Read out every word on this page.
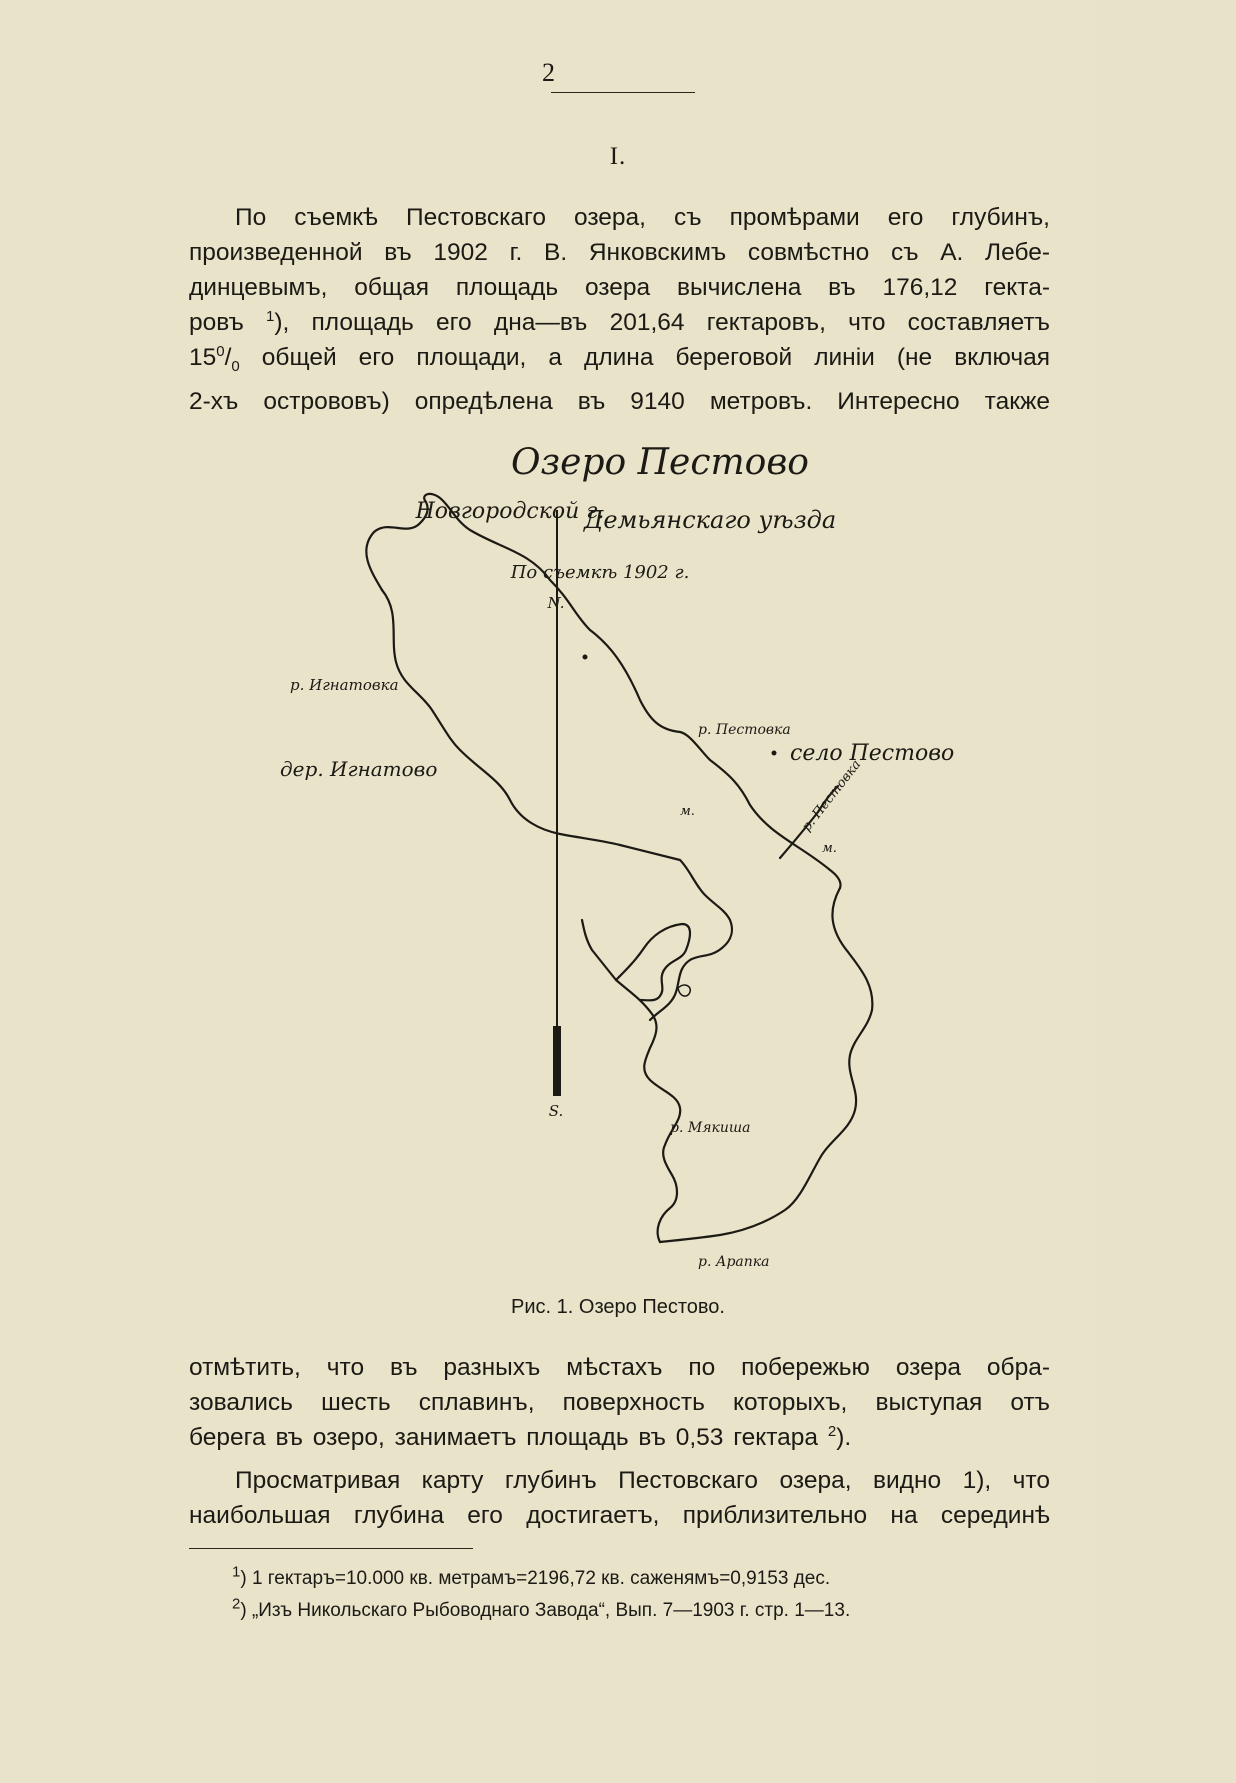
2
I.
По съемкѣ Пестовскаго озера, съ промѣрами его глубинъ,
произведенной въ 1902 г. В. Янковскимъ совмѣстно съ А. Лебе-
динцевымъ, общая площадь озера вычислена въ 176,12 гекта-
ровъ $^1$), площадь его дна—въ 201,64 гектаровъ, что составляетъ
$15^0/_0$ общей его площади, а длина береговой линіи (не включая
2-хъ острововъ) опредѣлена въ 9140 метровъ. Интересно также
Озеро Пестово
Новгородской г.
Демьянскаго уѣзда
По съемкѣ 1902 г.
N.
S.
р. Игнатовка
дер. Игнатово
р. Пестовка
село Пестово
р. Пестовка
р. Мякиша
р. Арапка
м.
м.
Рис. 1. Озеро Пестово.
отмѣтить, что въ разныхъ мѣстахъ по побережью озера обра-
зовались шесть сплавинъ, поверхность которыхъ, выступая отъ
берега въ озеро, занимаетъ площадь въ 0,53 гектара $^2$).
Просматривая карту глубинъ Пестовскаго озера, видно 1), что
наибольшая глубина его достигаетъ, приблизительно на серединѣ
$^1$) 1 гектаръ=10.000 кв. метрамъ=2196,72 кв. саженямъ=0,9153 дес.
$^2$) „Изъ Никольскаго Рыбоводнаго Завода“, Вып. 7—1903 г. стр. 1—13.
